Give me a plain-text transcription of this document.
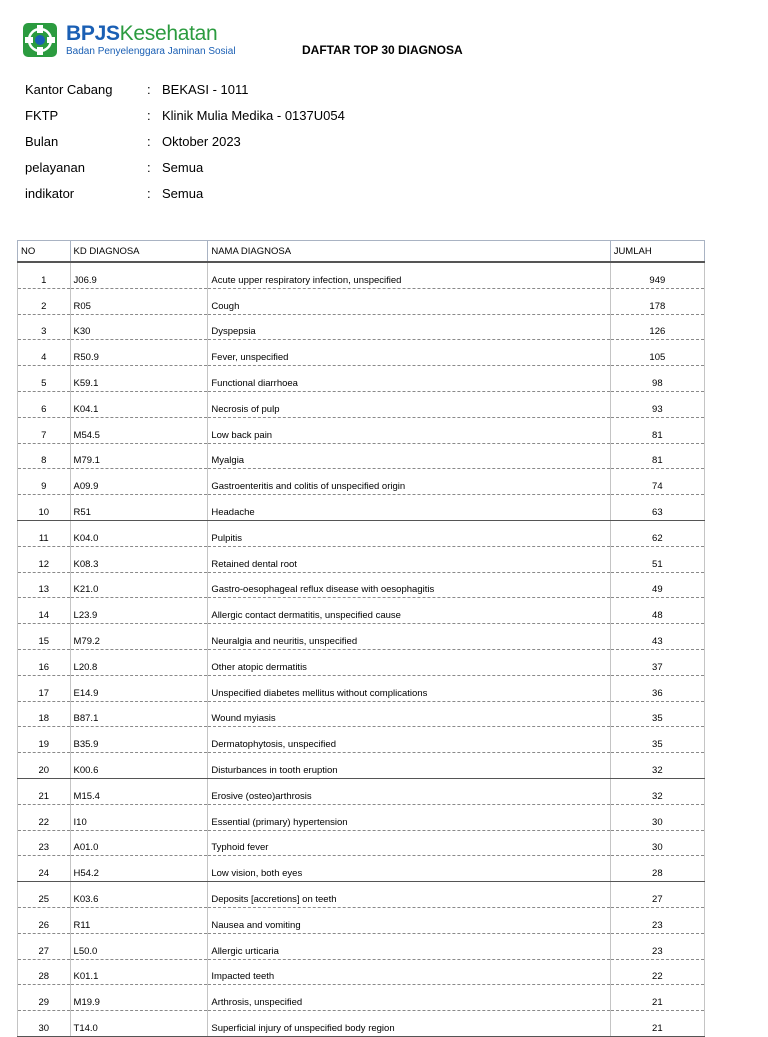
BPJSKesehatan
Badan Penyelenggara Jaminan Sosial	DAFTAR TOP 30 DIAGNOSA
Kantor Cabang	: BEKASI - 1011
FKTP	: Klinik Mulia Medika - 0137U054
Bulan	: Oktober 2023
pelayanan	: Semua
indikator	: Semua
NO	KD DIAGNOSA	NAMA DIAGNOSA	JUMLAH
1	J06.9	Acute upper respiratory infection, unspecified	949
2	R05	Cough	178
3	K30	Dyspepsia	126
4	R50.9	Fever, unspecified	105
5	K59.1	Functional diarrhoea	98
6	K04.1	Necrosis of pulp	93
7	M54.5	Low back pain	81
8	M79.1	Myalgia	81
9	A09.9	Gastroenteritis and colitis of unspecified origin	74
10	R51	Headache	63
11	K04.0	Pulpitis	62
12	K08.3	Retained dental root	51
13	K21.0	Gastro-oesophageal reflux disease with oesophagitis	49
14	L23.9	Allergic contact dermatitis, unspecified cause	48
15	M79.2	Neuralgia and neuritis, unspecified	43
16	L20.8	Other atopic dermatitis	37
17	E14.9	Unspecified diabetes mellitus without complications	36
18	B87.1	Wound myiasis	35
19	B35.9	Dermatophytosis, unspecified	35
20	K00.6	Disturbances in tooth eruption	32
21	M15.4	Erosive (osteo)arthrosis	32
22	I10	Essential (primary) hypertension	30
23	A01.0	Typhoid fever	30
24	H54.2	Low vision, both eyes	28
25	K03.6	Deposits [accretions] on teeth	27
26	R11	Nausea and vomiting	23
27	L50.0	Allergic urticaria	23
28	K01.1	Impacted teeth	22
29	M19.9	Arthrosis, unspecified	21
30	T14.0	Superficial injury of unspecified body region	21
